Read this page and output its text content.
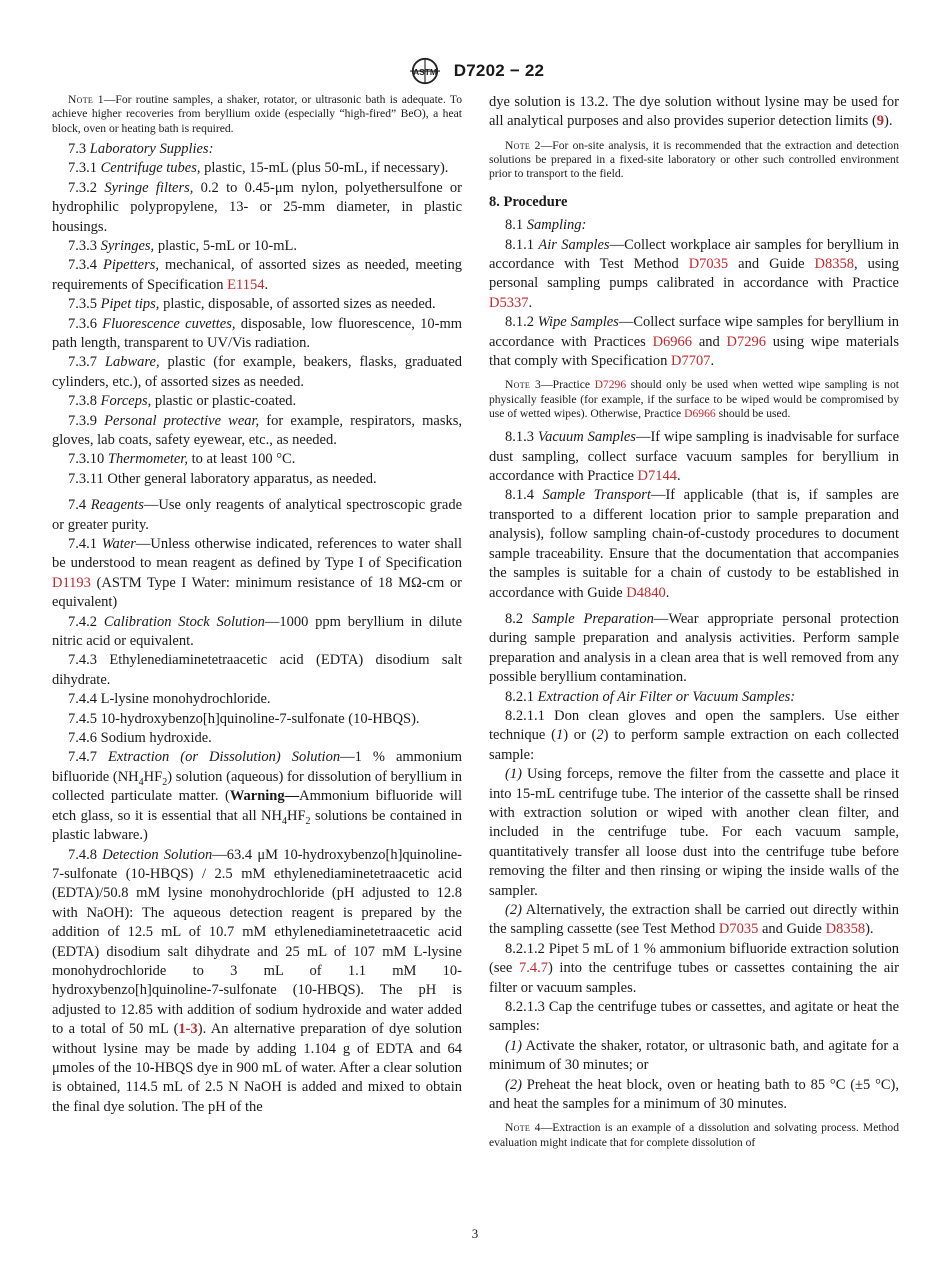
ASTM D7202 − 22

Note 1—For routine samples, a shaker, rotator, or ultrasonic bath is adequate. To achieve higher recoveries from beryllium oxide (especially “high-fired” BeO), a heat block, oven or heating bath is required.

7.3 Laboratory Supplies:

7.3.1 Centrifuge tubes, plastic, 15-mL (plus 50-mL, if necessary).

7.3.2 Syringe filters, 0.2 to 0.45-μm nylon, polyethersulfone or hydrophilic polypropylene, 13- or 25-mm diameter, in plastic housings.

7.3.3 Syringes, plastic, 5-mL or 10-mL.

7.3.4 Pipetters, mechanical, of assorted sizes as needed, meeting requirements of Specification E1154.

7.3.5 Pipet tips, plastic, disposable, of assorted sizes as needed.

7.3.6 Fluorescence cuvettes, disposable, low fluorescence, 10-mm path length, transparent to UV/Vis radiation.

7.3.7 Labware, plastic (for example, beakers, flasks, graduated cylinders, etc.), of assorted sizes as needed.

7.3.8 Forceps, plastic or plastic-coated.

7.3.9 Personal protective wear, for example, respirators, masks, gloves, lab coats, safety eyewear, etc., as needed.

7.3.10 Thermometer, to at least 100 °C.

7.3.11 Other general laboratory apparatus, as needed.

7.4 Reagents—Use only reagents of analytical spectroscopic grade or greater purity.

7.4.1 Water—Unless otherwise indicated, references to water shall be understood to mean reagent as defined by Type I of Specification D1193 (ASTM Type I Water: minimum resistance of 18 MΩ-cm or equivalent)

7.4.2 Calibration Stock Solution—1000 ppm beryllium in dilute nitric acid or equivalent.

7.4.3 Ethylenediaminetetraacetic acid (EDTA) disodium salt dihydrate.

7.4.4 L-lysine monohydrochloride.

7.4.5 10-hydroxybenzo[h]quinoline-7-sulfonate (10-HBQS).

7.4.6 Sodium hydroxide.

7.4.7 Extraction (or Dissolution) Solution—1 % ammonium bifluoride $(NH_4HF_2)$ solution (aqueous) for dissolution of beryllium in collected particulate matter. (Warning—Ammonium bifluoride will etch glass, so it is essential that all $NH_4HF_2$ solutions be contained in plastic labware.)

7.4.8 Detection Solution—63.4 μM 10-hydroxybenzo[h]quinoline-7-sulfonate (10-HBQS) / 2.5 mM ethylenediaminetetraacetic acid (EDTA)/50.8 mM lysine monohydrochloride (pH adjusted to 12.8 with NaOH): The aqueous detection reagent is prepared by the addition of 12.5 mL of 10.7 mM ethylenediaminetetraacetic acid (EDTA) disodium salt dihydrate and 25 mL of 107 mM L-lysine monohydrochloride to 3 mL of 1.1 mM 10-hydroxybenzo[h]quinoline-7-sulfonate (10-HBQS). The pH is adjusted to 12.85 with addition of sodium hydroxide and water added to a total of 50 mL (1-3). An alternative preparation of dye solution without lysine may be made by adding 1.104 g of EDTA and 64 μmoles of the 10-HBQS dye in 900 mL of water. After a clear solution is obtained, 114.5 mL of 2.5 N NaOH is added and mixed to obtain the final dye solution. The pH of the

dye solution is 13.2. The dye solution without lysine may be used for all analytical purposes and also provides superior detection limits (9).

Note 2—For on-site analysis, it is recommended that the extraction and detection solutions be prepared in a fixed-site laboratory or other such controlled environment prior to transport to the field.

8. Procedure

8.1 Sampling:

8.1.1 Air Samples—Collect workplace air samples for beryllium in accordance with Test Method D7035 and Guide D8358, using personal sampling pumps calibrated in accordance with Practice D5337.

8.1.2 Wipe Samples—Collect surface wipe samples for beryllium in accordance with Practices D6966 and D7296 using wipe materials that comply with Specification D7707.

Note 3—Practice D7296 should only be used when wetted wipe sampling is not physically feasible (for example, if the surface to be wiped would be compromised by use of wetted wipes). Otherwise, Practice D6966 should be used.

8.1.3 Vacuum Samples—If wipe sampling is inadvisable for surface dust sampling, collect surface vacuum samples for beryllium in accordance with Practice D7144.

8.1.4 Sample Transport—If applicable (that is, if samples are transported to a different location prior to sample preparation and analysis), follow sampling chain-of-custody procedures to document sample traceability. Ensure that the documentation that accompanies the samples is suitable for a chain of custody to be established in accordance with Guide D4840.

8.2 Sample Preparation—Wear appropriate personal protection during sample preparation and analysis activities. Perform sample preparation and analysis in a clean area that is well removed from any possible beryllium contamination.

8.2.1 Extraction of Air Filter or Vacuum Samples:

8.2.1.1 Don clean gloves and open the samplers. Use either technique (1) or (2) to perform sample extraction on each collected sample:

(1) Using forceps, remove the filter from the cassette and place it into 15-mL centrifuge tube. The interior of the cassette shall be rinsed with extraction solution or wiped with another clean filter, and included in the centrifuge tube. For each vacuum sample, quantitatively transfer all loose dust into the centrifuge tube before removing the filter and then rinsing or wiping the inside walls of the sampler.

(2) Alternatively, the extraction shall be carried out directly within the sampling cassette (see Test Method D7035 and Guide D8358).

8.2.1.2 Pipet 5 mL of 1 % ammonium bifluoride extraction solution (see 7.4.7) into the centrifuge tubes or cassettes containing the air filter or vacuum samples.

8.2.1.3 Cap the centrifuge tubes or cassettes, and agitate or heat the samples:

(1) Activate the shaker, rotator, or ultrasonic bath, and agitate for a minimum of 30 minutes; or

(2) Preheat the heat block, oven or heating bath to 85 °C (±5 °C), and heat the samples for a minimum of 30 minutes.

Note 4—Extraction is an example of a dissolution and solvating process. Method evaluation might indicate that for complete dissolution of

3
